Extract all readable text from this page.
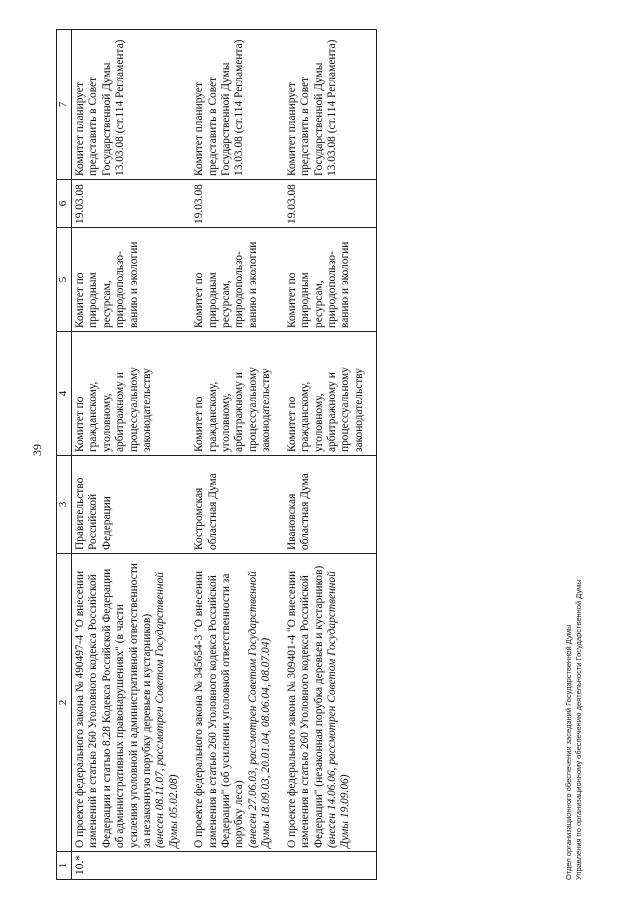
39
1	2	3	4	5	6	7
10.*	О проекте федерального закона № 490497-4 "О внесении изменений в статью 260 Уголовного кодекса Российской Федерации и статью 8.28 Кодекса Российской Федерации об административных правонарушениях" (в части усиления уголовной и административной ответственности за незаконную порубку деревьев и кустарников) (внесен 08.11.07, рассмотрен Советом Государственной Думы 05.02.08)	Правительство Российской Федерации	Комитет по гражданскому, уголовному, арбитражному и процессуальному законодательству	Комитет по природным ресурсам, природопользо-ванию и экологии	19.03.08	Комитет планирует представить в Совет Государственной Думы 13.03.08 (ст.114 Регламента)

	О проекте федерального закона № 345654-3 "О внесении изменения в статью 260 Уголовного кодекса Российской Федерации" (об усилении уголовной ответственности за порубку леса) (внесен 27.06.03, рассмотрен Советом Государственной Думы 18.09.03, 20.01.04, 08.06.04, 08.07.04)	Костромская областная Дума	Комитет по гражданскому, уголовному, арбитражному и процессуальному законодательству	Комитет по природным ресурсам, природопользо-ванию и экологии	19.03.08	Комитет планирует представить в Совет Государственной Думы 13.03.08 (ст.114 Регламента)

	О проекте федерального закона № 309401-4 "О внесении изменения в статью 260 Уголовного кодекса Российской Федерации" (незаконная порубка деревьев и кустарников) (внесен 14.06.06, рассмотрен Советом Государственной Думы 19.09.06)	Ивановская областная Дума	Комитет по гражданскому, уголовному, арбитражному и процессуальному законодательству	Комитет по природным ресурсам, природопользо-ванию и экологии	19.03.08	Комитет планирует представить в Совет Государственной Думы 13.03.08 (ст.114 Регламента)
Отдел организационного обеспечения заседаний Государственной Думы Управления по организационному обеспечению деятельности Государственной Думы
